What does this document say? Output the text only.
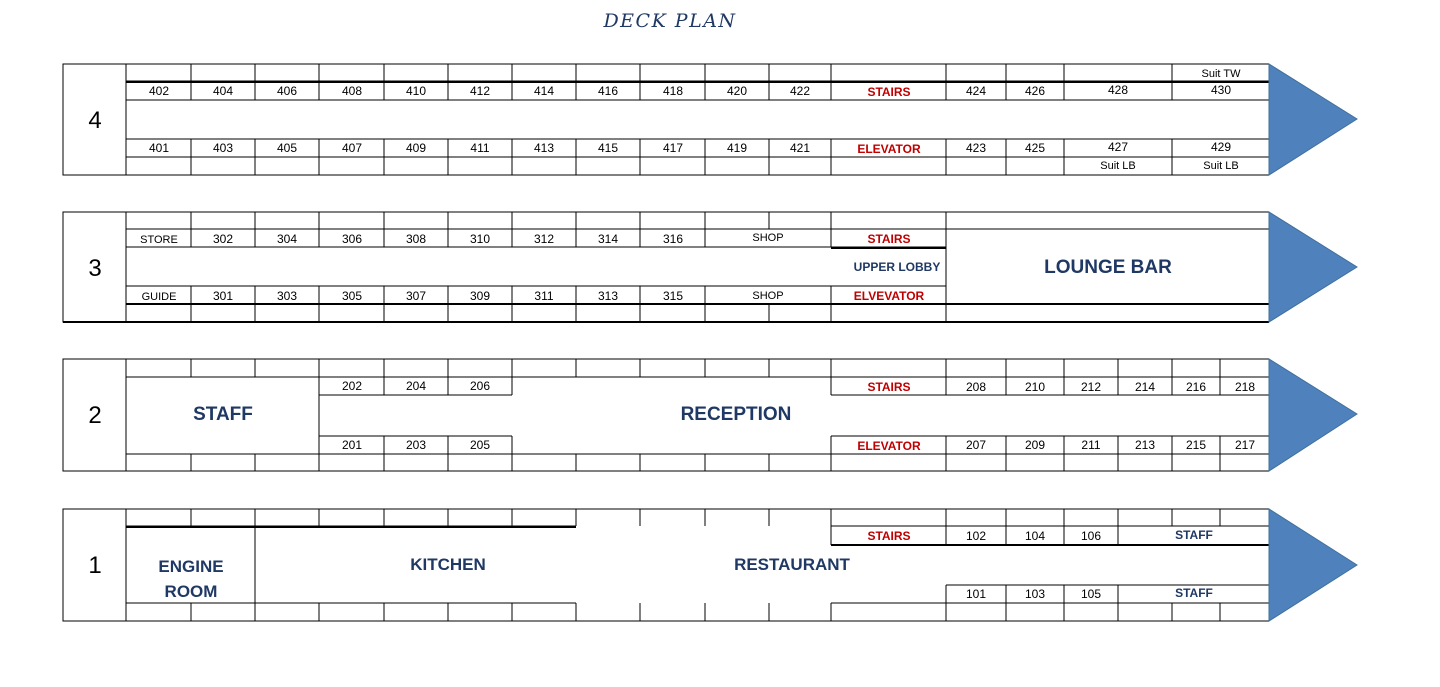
DECK PLAN
4
Suit TW
402	404	406	408	410	412	414	416	418	420	422	STAIRS	424	426	428	430
401	403	405	407	409	411	413	415	417	419	421	ELEVATOR	423	425	427	429
Suit LB	Suit LB
3
STORE	302	304	306	308	310	312	314	316	SHOP	STAIRS
UPPER LOBBY	LOUNGE BAR
GUIDE	301	303	305	307	309	311	313	315	SHOP	ELVEVATOR
2	STAFF	RECEPTION
202	204	206	STAIRS	208	210	212	214	216 218
201	203	205	ELEVATOR	207	209	211	213	215 217
1	ENGINE
ROOM
KITCHEN	RESTAURANT
STAIRS	102	104	106	STAFF
101	103	105	STAFF
